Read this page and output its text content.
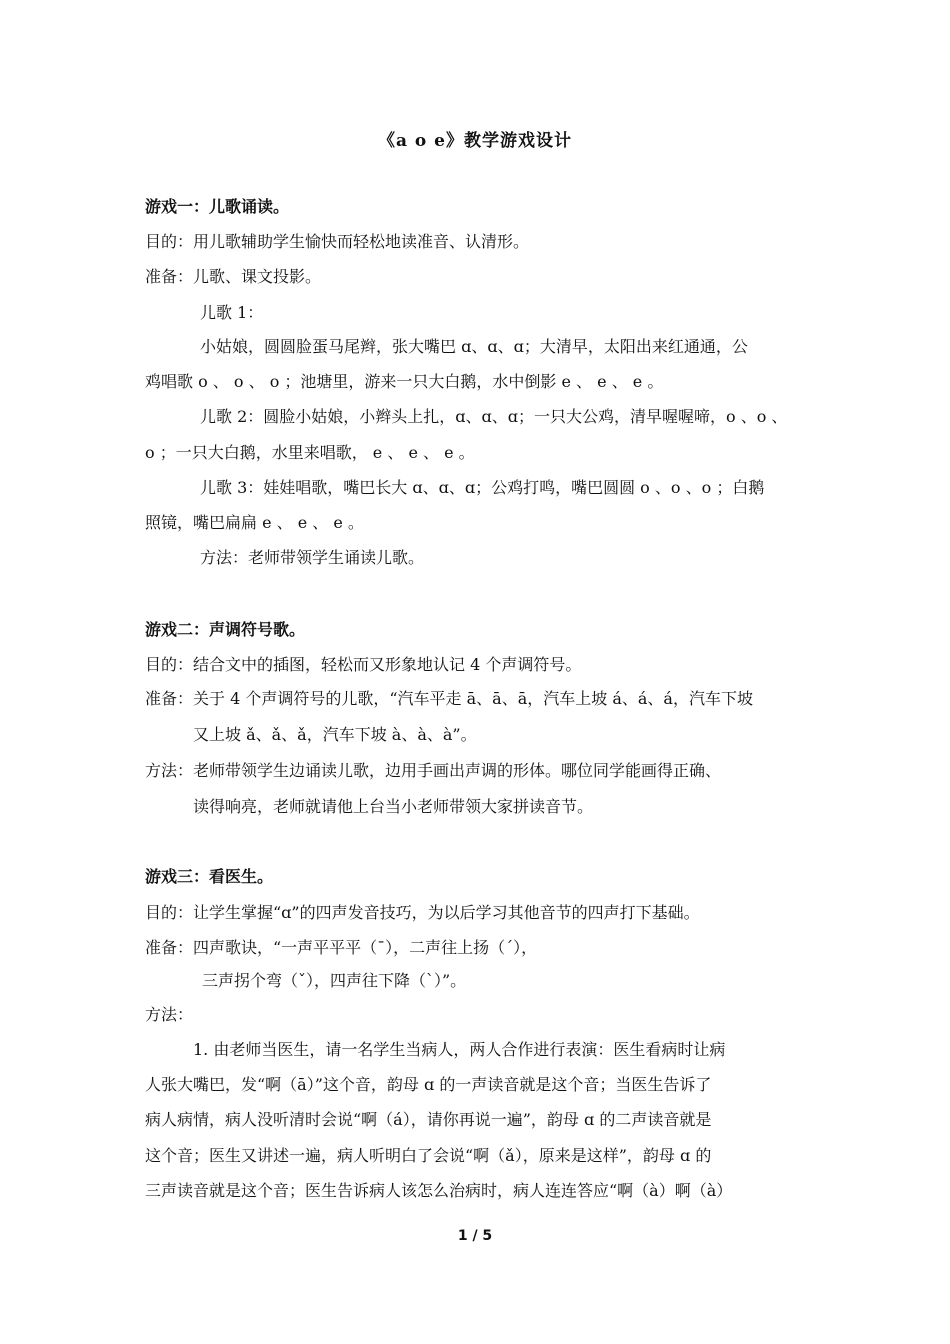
《a o e》教学游戏设计
游戏一：儿歌诵读。
目的：用儿歌辅助学生愉快而轻松地读准音、认清形。
准备：儿歌、课文投影。
儿歌 1：
小姑娘，圆圆脸蛋马尾辫，张大嘴巴 ɑ、ɑ、ɑ；大清早，太阳出来红通通，公
鸡唱歌 o 、 o 、 o ；池塘里，游来一只大白鹅，水中倒影 e 、 e 、 e 。
儿歌 2：圆脸小姑娘，小辫头上扎，ɑ、ɑ、ɑ；一只大公鸡，清早喔喔啼，o 、o 、
o ；一只大白鹅，水里来唱歌， e 、 e 、 e 。
儿歌 3：娃娃唱歌，嘴巴长大 ɑ、ɑ、ɑ；公鸡打鸣，嘴巴圆圆 o 、o 、o ；白鹅
照镜，嘴巴扁扁 e 、 e 、 e 。
方法：老师带领学生诵读儿歌。
游戏二：声调符号歌。
目的：结合文中的插图，轻松而又形象地认记 4 个声调符号。
准备：关于 4 个声调符号的儿歌，“汽车平走 ā、ā、ā，汽车上坡 á、á、á，汽车下坡
又上坡 ǎ、ǎ、ǎ，汽车下坡 à、à、à”。
方法：老师带领学生边诵读儿歌，边用手画出声调的形体。哪位同学能画得正确、
读得响亮，老师就请他上台当小老师带领大家拼读音节。
游戏三：看医生。
目的：让学生掌握“ɑ”的四声发音技巧，为以后学习其他音节的四声打下基础。
准备：四声歌诀，“一声平平平（ˉ），二声往上扬（ˊ），
三声拐个弯（ˇ），四声往下降（ˋ）”。
方法：
1. 由老师当医生，请一名学生当病人，两人合作进行表演：医生看病时让病
人张大嘴巴，发“啊（ā）”这个音，韵母 ɑ 的一声读音就是这个音；当医生告诉了
病人病情，病人没听清时会说“啊（á），请你再说一遍”，韵母 ɑ 的二声读音就是
这个音；医生又讲述一遍，病人听明白了会说“啊（ǎ），原来是这样”，韵母 ɑ 的
三声读音就是这个音；医生告诉病人该怎么治病时，病人连连答应“啊（à）啊（à）
1 / 5
